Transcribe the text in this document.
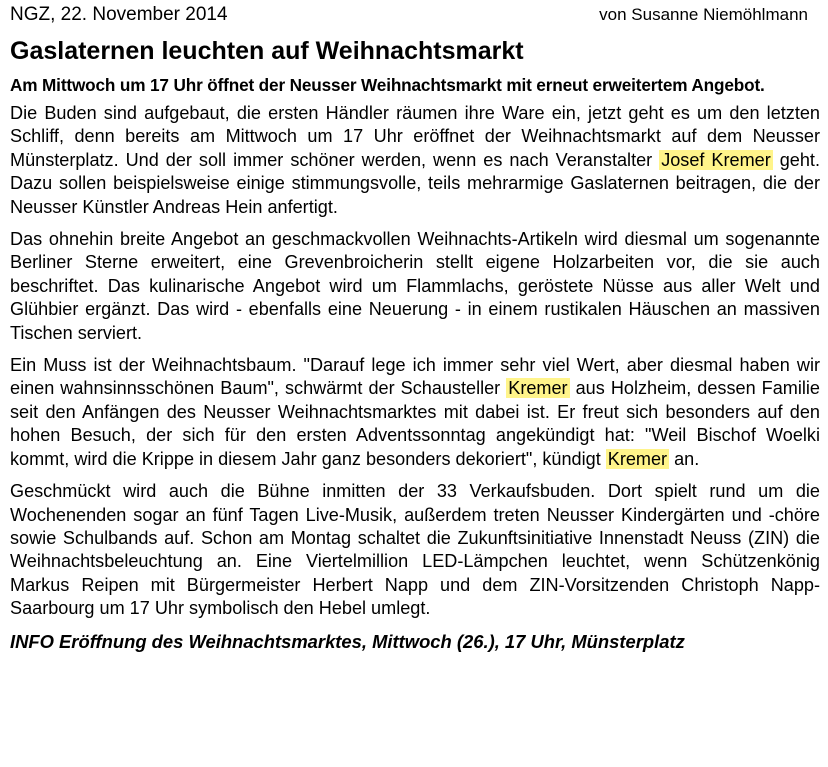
NGZ, 22. November 2014	von Susanne Niemöhlmann
Gaslaternen leuchten auf Weihnachtsmarkt

Am Mittwoch um 17 Uhr öffnet der Neusser Weihnachtsmarkt mit erneut erweitertem Angebot.

Die Buden sind aufgebaut, die ersten Händler räumen ihre Ware ein, jetzt geht es um den letzten Schliff, denn bereits am Mittwoch um 17 Uhr eröffnet der Weihnachtsmarkt auf dem Neusser Münsterplatz. Und der soll immer schöner werden, wenn es nach Veranstalter Josef Kremer geht. Dazu sollen beispielsweise einige stimmungsvolle, teils mehrarmige Gaslaternen beitragen, die der Neusser Künstler Andreas Hein anfertigt.

Das ohnehin breite Angebot an geschmackvollen Weihnachts-Artikeln wird diesmal um sogenannte Berliner Sterne erweitert, eine Grevenbroicherin stellt eigene Holzarbeiten vor, die sie auch beschriftet. Das kulinarische Angebot wird um Flammlachs, geröstete Nüsse aus aller Welt und Glühbier ergänzt. Das wird - ebenfalls eine Neuerung - in einem rustikalen Häuschen an massiven Tischen serviert.

Ein Muss ist der Weihnachtsbaum. "Darauf lege ich immer sehr viel Wert, aber diesmal haben wir einen wahnsinnsschönen Baum", schwärmt der Schausteller Kremer aus Holzheim, dessen Familie seit den Anfängen des Neusser Weihnachtsmarktes mit dabei ist. Er freut sich besonders auf den hohen Besuch, der sich für den ersten Adventssonntag angekündigt hat: "Weil Bischof Woelki kommt, wird die Krippe in diesem Jahr ganz besonders dekoriert", kündigt Kremer an.

Geschmückt wird auch die Bühne inmitten der 33 Verkaufsbuden. Dort spielt rund um die Wochenenden sogar an fünf Tagen Live-Musik, außerdem treten Neusser Kindergärten und -chöre sowie Schulbands auf. Schon am Montag schaltet die Zukunftsinitiative Innenstadt Neuss (ZIN) die Weihnachtsbeleuchtung an. Eine Viertelmillion LED-Lämpchen leuchtet, wenn Schützenkönig Markus Reipen mit Bürgermeister Herbert Napp und dem ZIN-Vorsitzenden Christoph Napp-Saarbourg um 17 Uhr symbolisch den Hebel umlegt.

INFO Eröffnung des Weihnachtsmarktes, Mittwoch (26.), 17 Uhr, Münsterplatz
